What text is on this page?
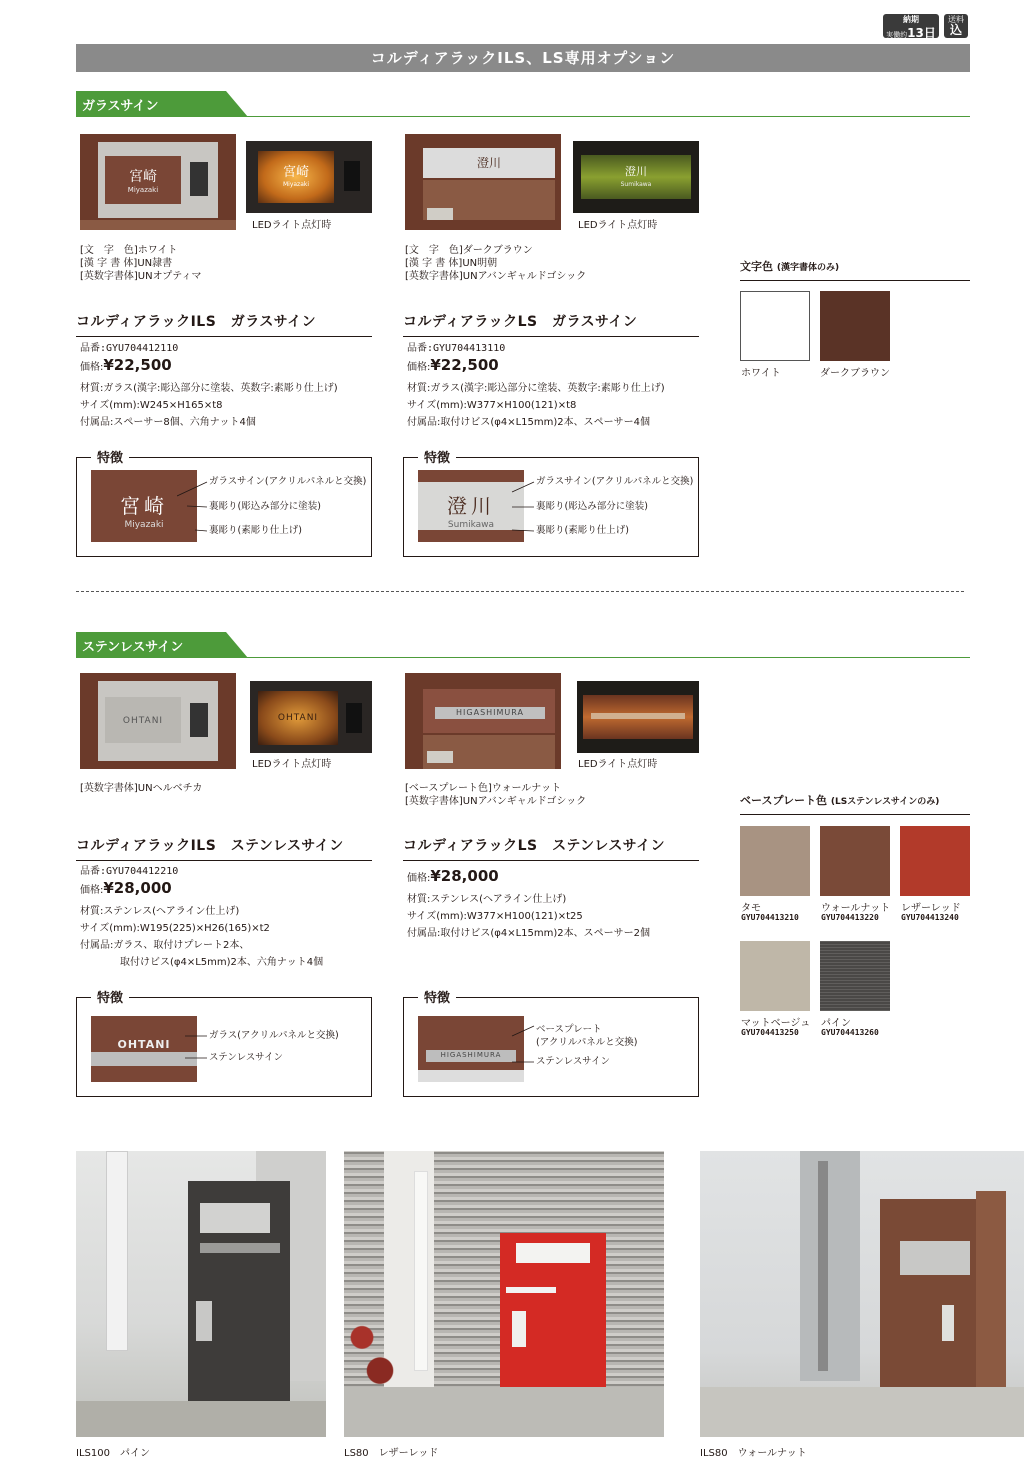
納期
実働約13日
送料
込
コルディアラックILS、LS専用オプション
ガラスサイン
宮崎
Miyazaki
宮崎
Miyazaki
LEDライト点灯時
[文　字　色]ホワイト
[漢 字 書 体]UN隷書
[英数字書体]UNオプティマ
澄川
澄川
Sumikawa
LEDライト点灯時
[文　字　色]ダークブラウン
[漢 字 書 体]UN明朝
[英数字書体]UNアバンギャルドゴシック
コルディアラックILS　ガラスサイン
品番:GYU704412110
価格:¥22,500
材質:ガラス(漢字:彫込部分に塗装、英数字:素彫り仕上げ)
サイズ(mm):W245×H165×t8
付属品:スペーサー8個、六角ナット4個
コルディアラックLS　ガラスサイン
品番:GYU704413110
価格:¥22,500
材質:ガラス(漢字:彫込部分に塗装、英数字:素彫り仕上げ)
サイズ(mm):W377×H100(121)×t8
付属品:取付けビス(φ4×L15mm)2本、スペーサー4個
特徴
宮崎
Miyazaki
ガラスサイン(アクリルパネルと交換)
裏彫り(彫込み部分に塗装)
裏彫り(素彫り仕上げ)
特徴
澄川
Sumikawa
ガラスサイン(アクリルパネルと交換)
裏彫り(彫込み部分に塗装)
裏彫り(素彫り仕上げ)
文字色 (漢字書体のみ)
ホワイト	ダークブラウン
ステンレスサイン
OHTANI	OHTANI
LEDライト点灯時
[英数字書体]UNヘルベチカ
HIGASHIMURA
LEDライト点灯時
[ベースプレート色]ウォールナット
[英数字書体]UNアバンギャルドゴシック
コルディアラックILS　ステンレスサイン
品番:GYU704412210
価格:¥28,000
材質:ステンレス(ヘアライン仕上げ)
サイズ(mm):W195(225)×H26(165)×t2
付属品:ガラス、取付けプレート2本、
　　　　取付けビス(φ4×L5mm)2本、六角ナット4個
コルディアラックLS　ステンレスサイン
価格:¥28,000
材質:ステンレス(ヘアライン仕上げ)
サイズ(mm):W377×H100(121)×t25
付属品:取付けビス(φ4×L15mm)2本、スペーサー2個
特徴
OHTANI
ガラス(アクリルパネルと交換)
ステンレスサイン
特徴
HIGASHIMURA
ベースプレート
(アクリルパネルと交換)
ステンレスサイン
ベースプレート色 (LSステンレスサインのみ)
タモ	ウォールナット レザーレッド
GYU704413210	GYU704413220	GYU704413240
マットベージュ パイン
GYU704413250	GYU704413260
ILS100　パイン	LS80　レザーレッド	ILS80　ウォールナット
